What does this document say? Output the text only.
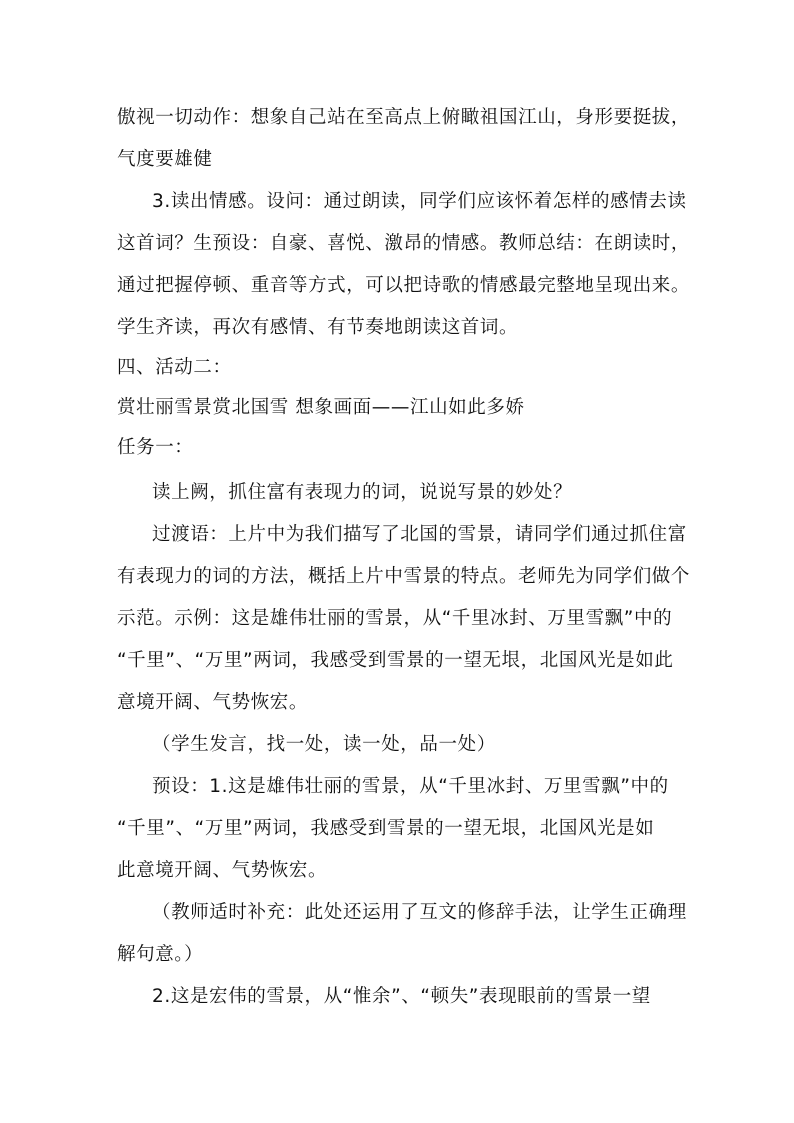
傲视一切动作：想象自己站在至高点上俯瞰祖国江山，身形要挺拔，
气度要雄健
3.读出情感。设问：通过朗读，同学们应该怀着怎样的感情去读
这首词？生预设：自豪、喜悦、激昂的情感。教师总结：在朗读时，
通过把握停顿、重音等方式，可以把诗歌的情感最完整地呈现出来。
学生齐读，再次有感情、有节奏地朗读这首词。
四、活动二：
赏壮丽雪景赏北国雪 想象画面——江山如此多娇
任务一：
读上阙，抓住富有表现力的词，说说写景的妙处？
过渡语：上片中为我们描写了北国的雪景，请同学们通过抓住富
有表现力的词的方法，概括上片中雪景的特点。老师先为同学们做个
示范。示例：这是雄伟壮丽的雪景，从“千里冰封、万里雪飘”中的
“千里”、“万里”两词，我感受到雪景的一望无垠，北国风光是如此
意境开阔、气势恢宏。
（学生发言，找一处，读一处，品一处）
预设：1.这是雄伟壮丽的雪景，从“千里冰封、万里雪飘”中的
“千里”、“万里”两词，我感受到雪景的一望无垠，北国风光是如
此意境开阔、气势恢宏。
（教师适时补充：此处还运用了互文的修辞手法，让学生正确理
解句意。）
2.这是宏伟的雪景，从“惟余”、“顿失”表现眼前的雪景一望
